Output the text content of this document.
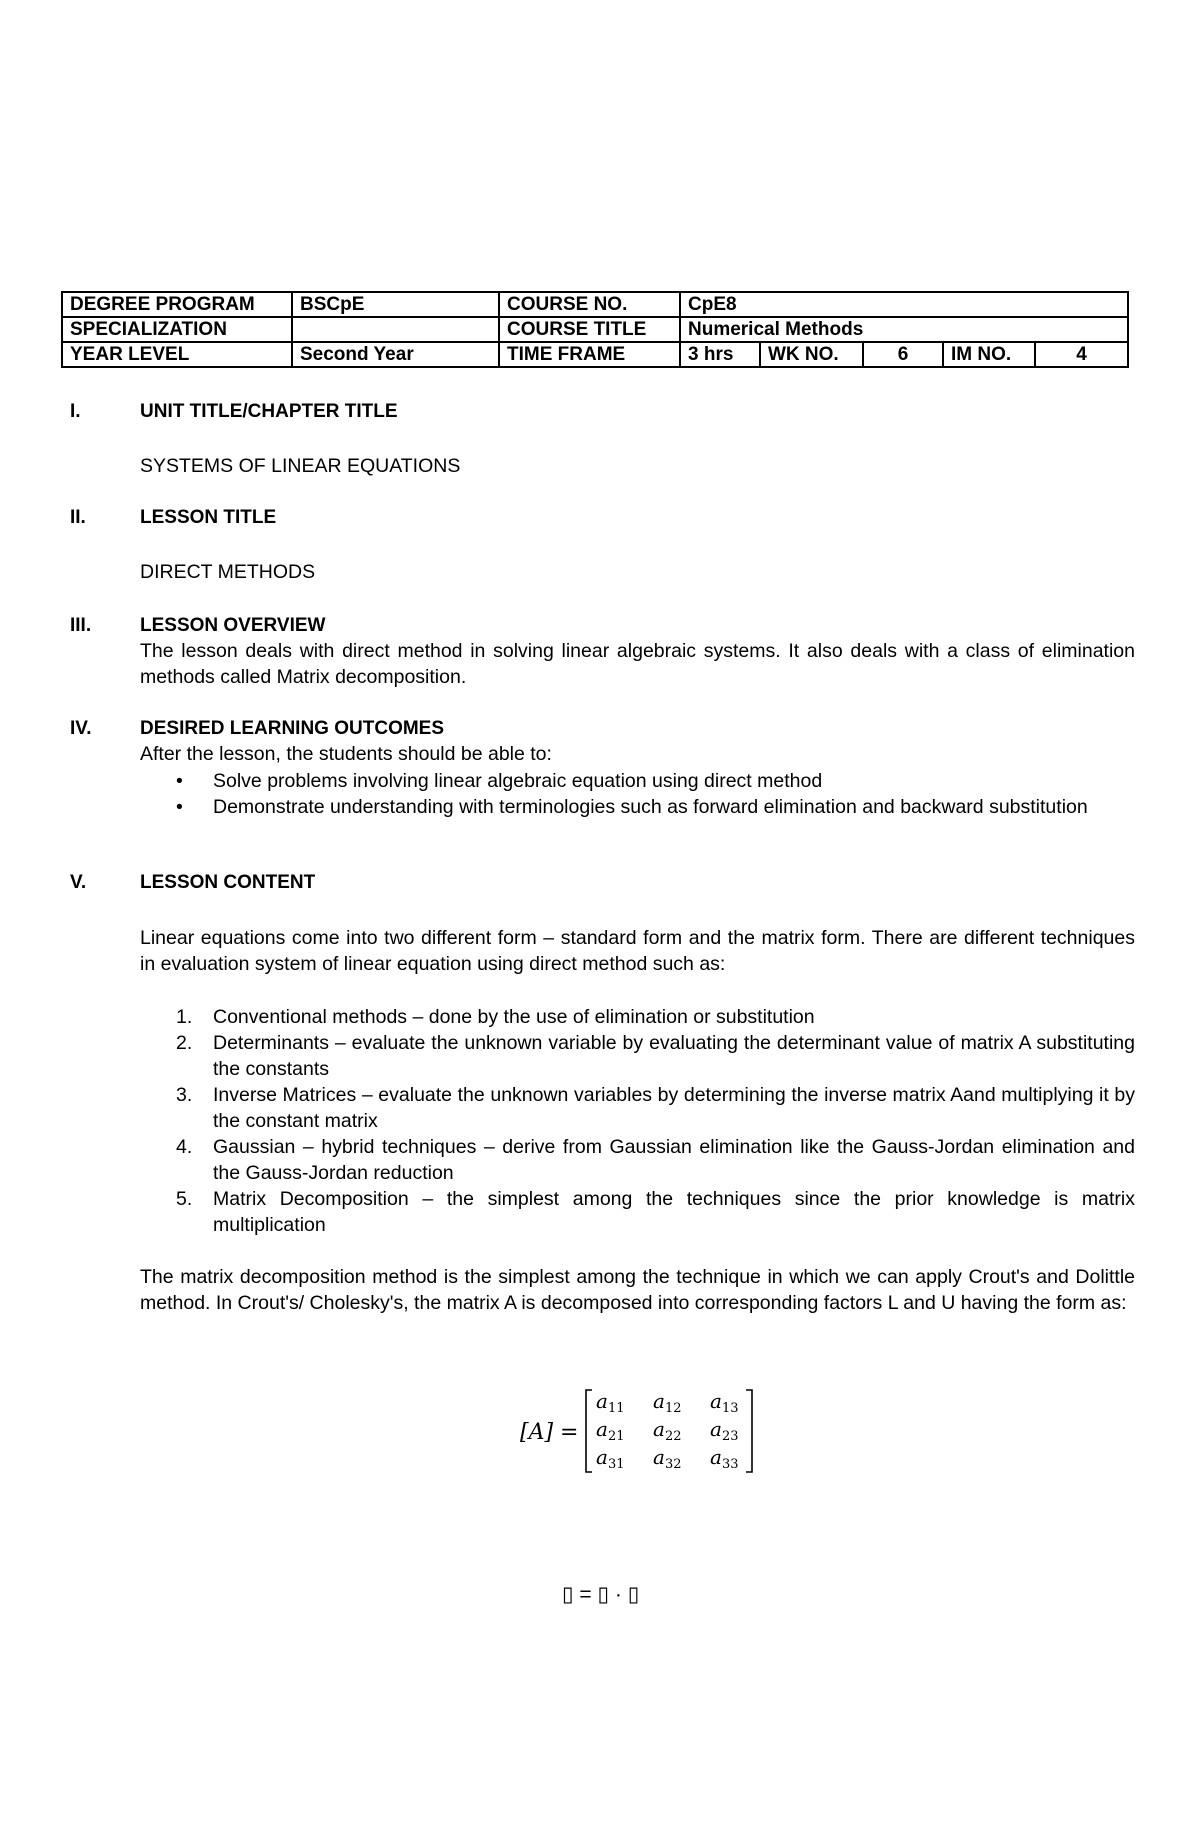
DEGREE PROGRAM	BSCpE	COURSE NO.	CpE8				
SPECIALIZATION		COURSE TITLE	Numerical Methods				
YEAR LEVEL	Second Year	TIME FRAME	3 hrs	WK NO.	6	IM NO.	4
I.	UNIT TITLE/CHAPTER TITLE
SYSTEMS OF LINEAR EQUATIONS
II.	LESSON TITLE
DIRECT METHODS
III.	LESSON OVERVIEW
The lesson deals with direct method in solving linear algebraic systems. It also deals with a class of elimination methods called Matrix decomposition.
IV.	DESIRED LEARNING OUTCOMES
After the lesson, the students should be able to:
• Solve problems involving linear algebraic equation using direct method
• Demonstrate understanding with terminologies such as forward elimination and backward substitution
V.	LESSON CONTENT
Linear equations come into two different form – standard form and the matrix form. There are different techniques in evaluation system of linear equation using direct method such as:
1. Conventional methods – done by the use of elimination or substitution
2. Determinants – evaluate the unknown variable by evaluating the determinant value of matrix A substituting the constants
3. Inverse Matrices – evaluate the unknown variables by determining the inverse matrix Aand multiplying it by the constant matrix
4. Gaussian – hybrid techniques – derive from Gaussian elimination like the Gauss-Jordan elimination and the Gauss-Jordan reduction
5. Matrix Decomposition – the simplest among the techniques since the prior knowledge is matrix multiplication
The matrix decomposition method is the simplest among the technique in which we can apply Crout's and Dolittle method. In Crout's/ Cholesky's, the matrix A is decomposed into corresponding factors L and U having the form as:
[A] =
$a_{11}$ $a_{12}$ $a_{13}$
$a_{21}$ $a_{22}$ $a_{23}$
$a_{31}$ $a_{32}$ $a_{33}$
▯ = ▯ · ▯
